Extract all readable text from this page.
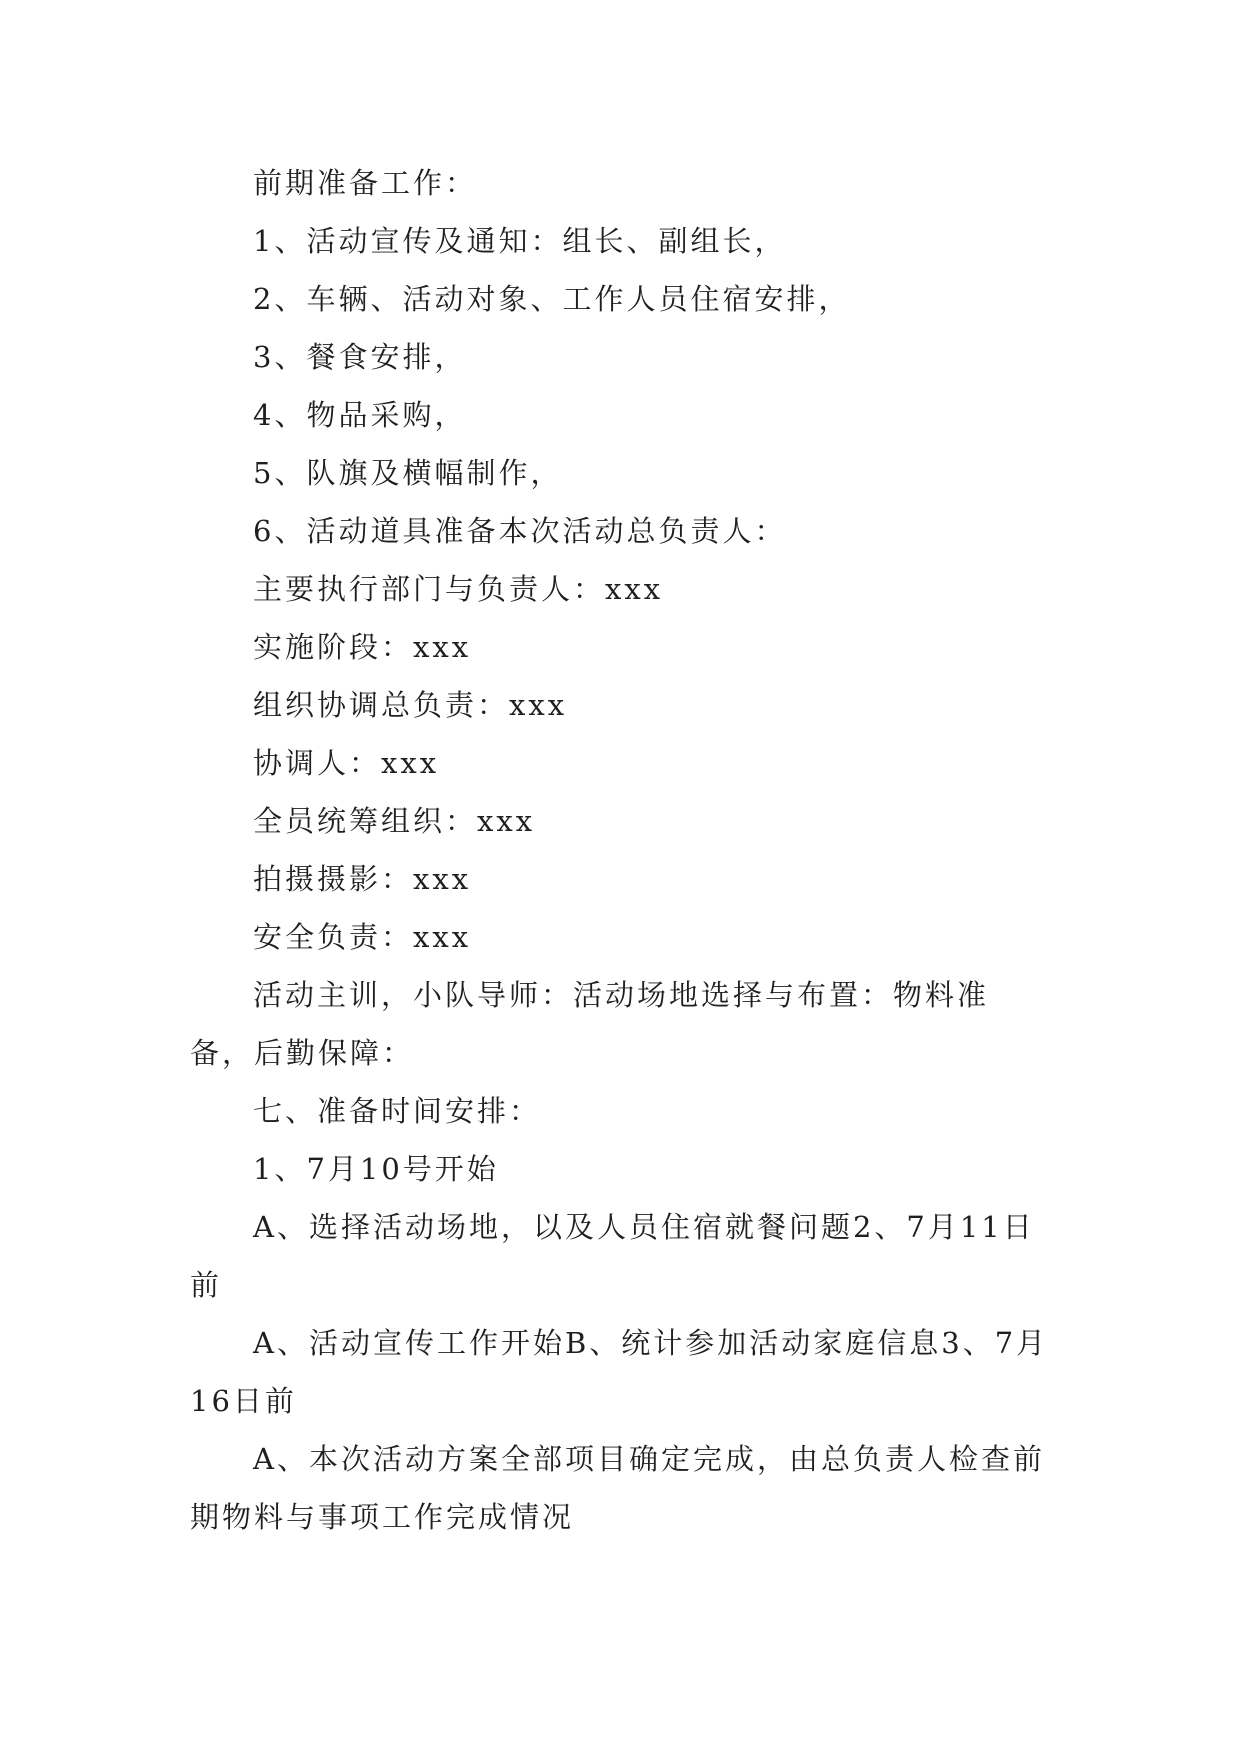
前期准备工作：

1、活动宣传及通知：组长、副组长，

2、车辆、活动对象、工作人员住宿安排，

3、餐食安排，

4、物品采购，

5、队旗及横幅制作，

6、活动道具准备本次活动总负责人：

主要执行部门与负责人：xxx

实施阶段：xxx

组织协调总负责：xxx

协调人：xxx

全员统筹组织：xxx

拍摄摄影：xxx

安全负责：xxx

活动主训，小队导师：活动场地选择与布置：物料准备，后勤保障：

七、准备时间安排：

1、7月10号开始

A、选择活动场地，以及人员住宿就餐问题2、7月11日前

A、活动宣传工作开始B、统计参加活动家庭信息3、7月16日前

A、本次活动方案全部项目确定完成，由总负责人检查前期物料与事项工作完成情况
